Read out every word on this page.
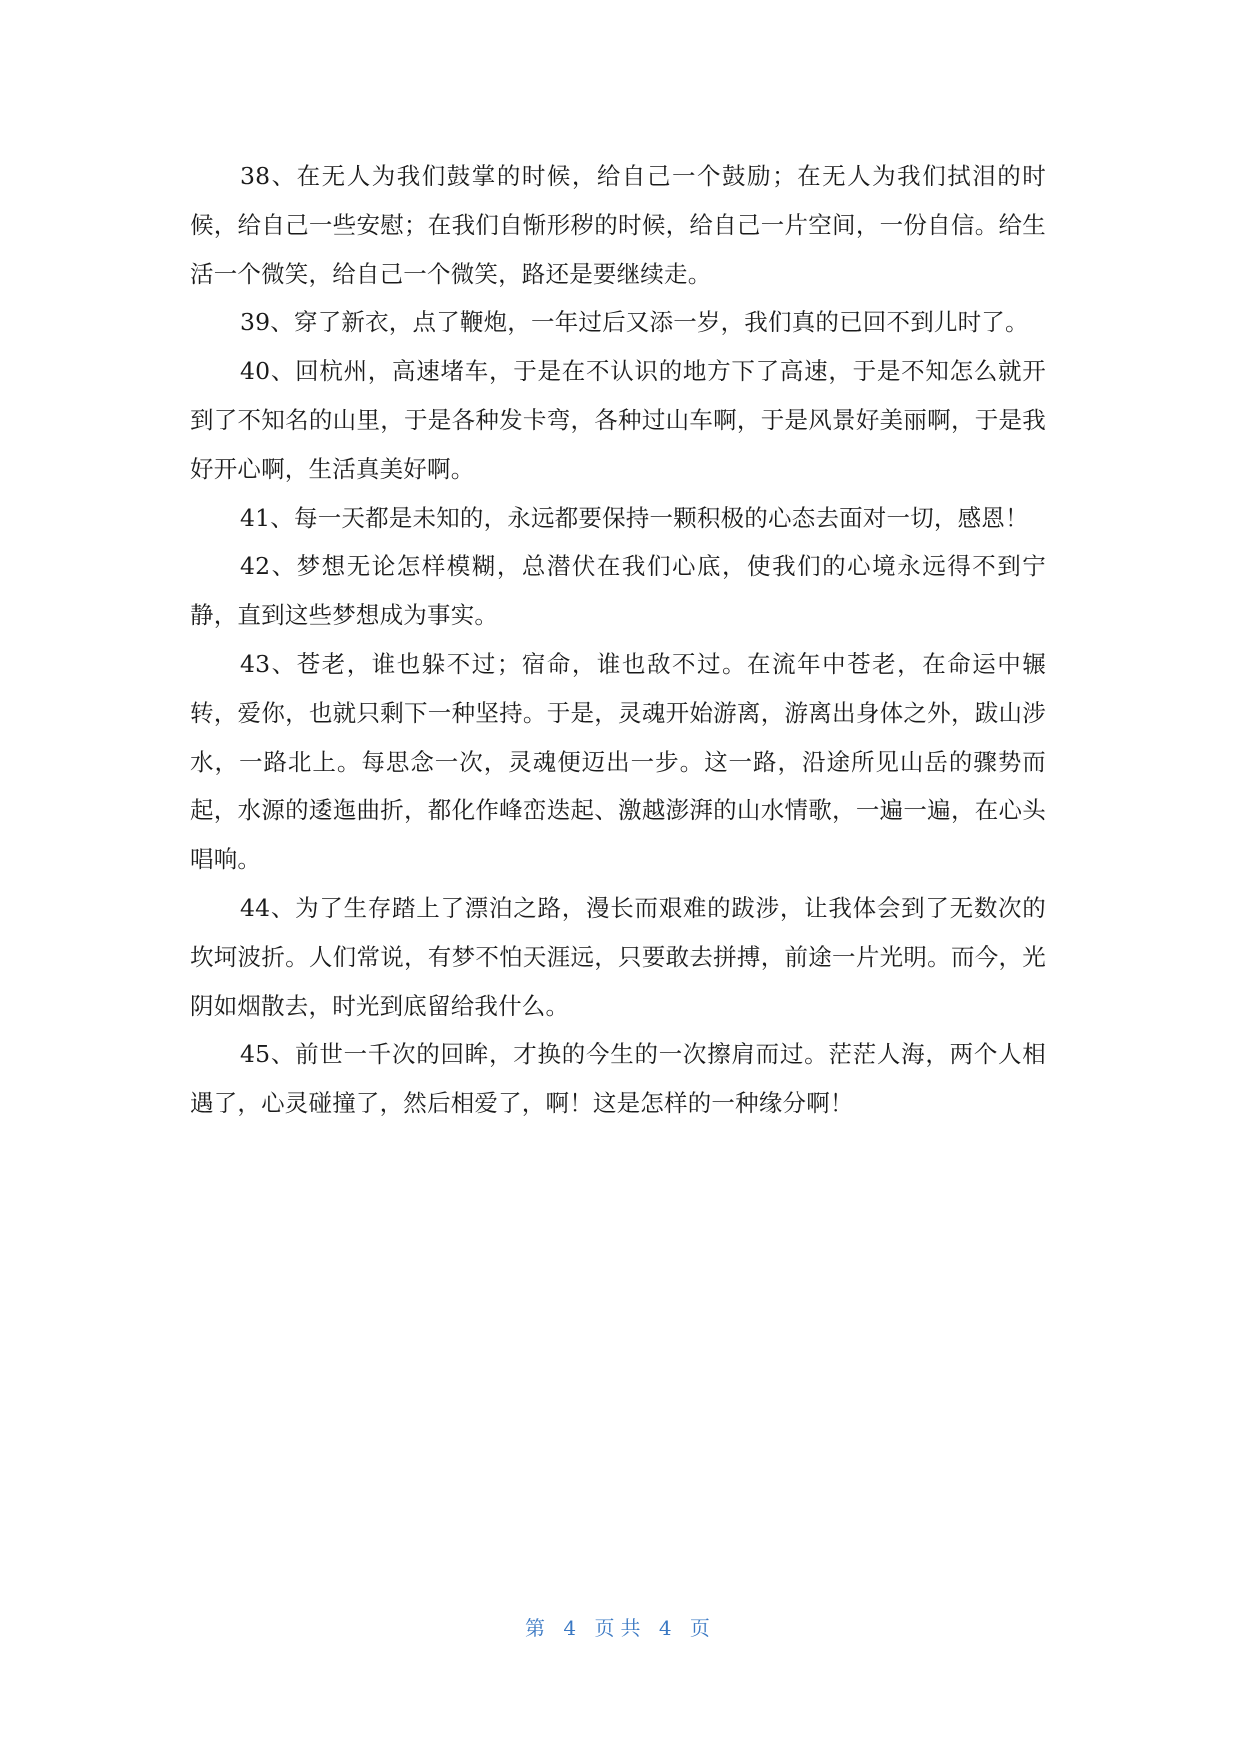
38、在无人为我们鼓掌的时候，给自己一个鼓励；在无人为我们拭泪的时候，给自己一些安慰；在我们自惭形秽的时候，给自己一片空间，一份自信。给生活一个微笑，给自己一个微笑，路还是要继续走。

39、穿了新衣，点了鞭炮，一年过后又添一岁，我们真的已回不到儿时了。

40、回杭州，高速堵车，于是在不认识的地方下了高速，于是不知怎么就开到了不知名的山里，于是各种发卡弯，各种过山车啊，于是风景好美丽啊，于是我好开心啊，生活真美好啊。

41、每一天都是未知的，永远都要保持一颗积极的心态去面对一切，感恩！

42、梦想无论怎样模糊，总潜伏在我们心底，使我们的心境永远得不到宁静，直到这些梦想成为事实。

43、苍老，谁也躲不过；宿命，谁也敌不过。在流年中苍老，在命运中辗转，爱你，也就只剩下一种坚持。于是，灵魂开始游离，游离出身体之外，跋山涉水，一路北上。每思念一次，灵魂便迈出一步。这一路，沿途所见山岳的骤势而起，水源的逶迤曲折，都化作峰峦迭起、激越澎湃的山水情歌，一遍一遍，在心头唱响。

44、为了生存踏上了漂泊之路，漫长而艰难的跋涉，让我体会到了无数次的坎坷波折。人们常说，有梦不怕天涯远，只要敢去拼搏，前途一片光明。而今，光阴如烟散去，时光到底留给我什么。

45、前世一千次的回眸，才换的今生的一次擦肩而过。茫茫人海，两个人相遇了，心灵碰撞了，然后相爱了，啊！这是怎样的一种缘分啊！

第 4 页共 4 页
